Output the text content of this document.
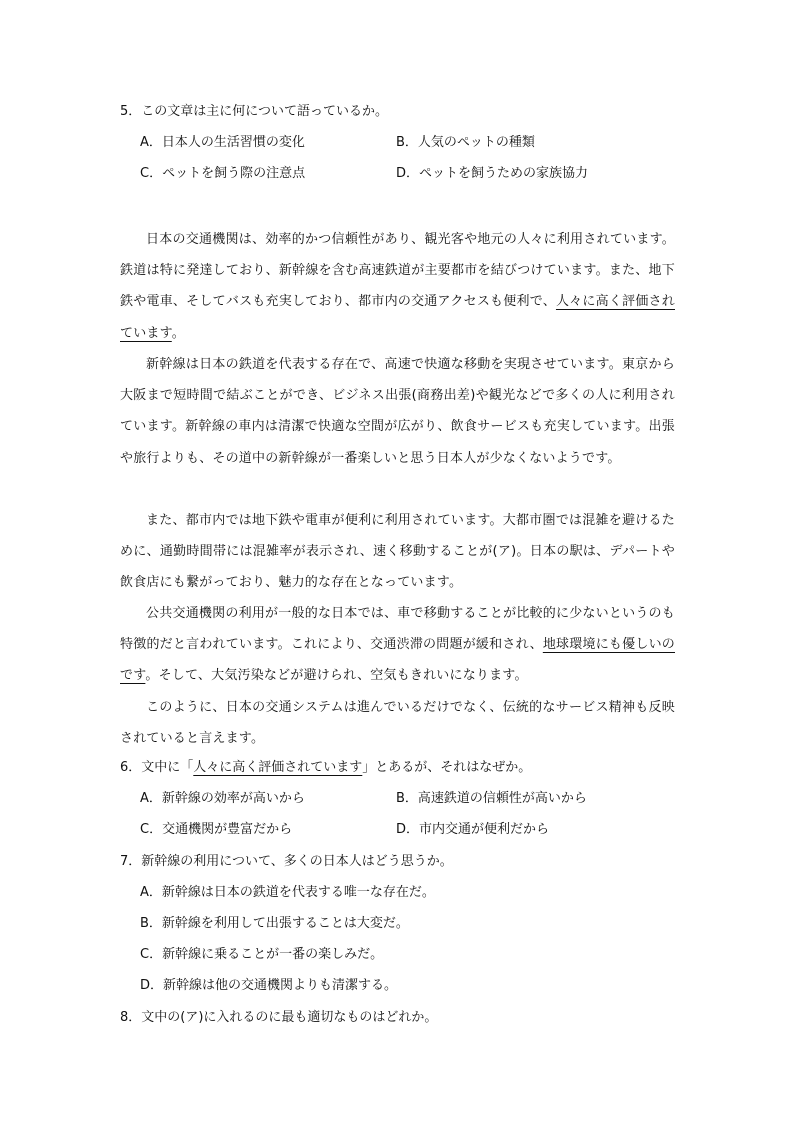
5．この文章は主に何について語っているか。
A．日本人の生活習慣の変化	B．人気のペットの種類
C．ペットを飼う際の注意点	D．ペットを飼うための家族協力
日本の交通機関は、効率的かつ信頼性があり、観光客や地元の人々に利用されています。鉄道は特に発達しており、新幹線を含む高速鉄道が主要都市を結びつけています。また、地下鉄や電車、そしてバスも充実しており、都市内の交通アクセスも便利で、人々に高く評価されています。
新幹線は日本の鉄道を代表する存在で、高速で快適な移動を実現させています。東京から大阪まで短時間で結ぶことができ、ビジネス出張(商務出差)や観光などで多くの人に利用されています。新幹線の車内は清潔で快適な空間が広がり、飲食サービスも充実しています。出張や旅行よりも、その道中の新幹線が一番楽しいと思う日本人が少なくないようです。
また、都市内では地下鉄や電車が便利に利用されています。大都市圏では混雑を避けるために、通勤時間帯には混雑率が表示され、速く移動することが(ア)。日本の駅は、デパートや飲食店にも繋がっており、魅力的な存在となっています。
公共交通機関の利用が一般的な日本では、車で移動することが比較的に少ないというのも特徴的だと言われています。これにより、交通渋滞の問題が緩和され、地球環境にも優しいのです。そして、大気汚染などが避けられ、空気もきれいになります。
このように、日本の交通システムは進んでいるだけでなく、伝統的なサービス精神も反映されていると言えます。
6．文中に「人々に高く評価されています」とあるが、それはなぜか。
A．新幹線の効率が高いから	B．高速鉄道の信頼性が高いから
C．交通機関が豊富だから	D．市内交通が便利だから
7．新幹線の利用について、多くの日本人はどう思うか。
A．新幹線は日本の鉄道を代表する唯一な存在だ。
B．新幹線を利用して出張することは大変だ。
C．新幹線に乗ることが一番の楽しみだ。
D．新幹線は他の交通機関よりも清潔する。
8．文中の(ア)に入れるのに最も適切なものはどれか。
